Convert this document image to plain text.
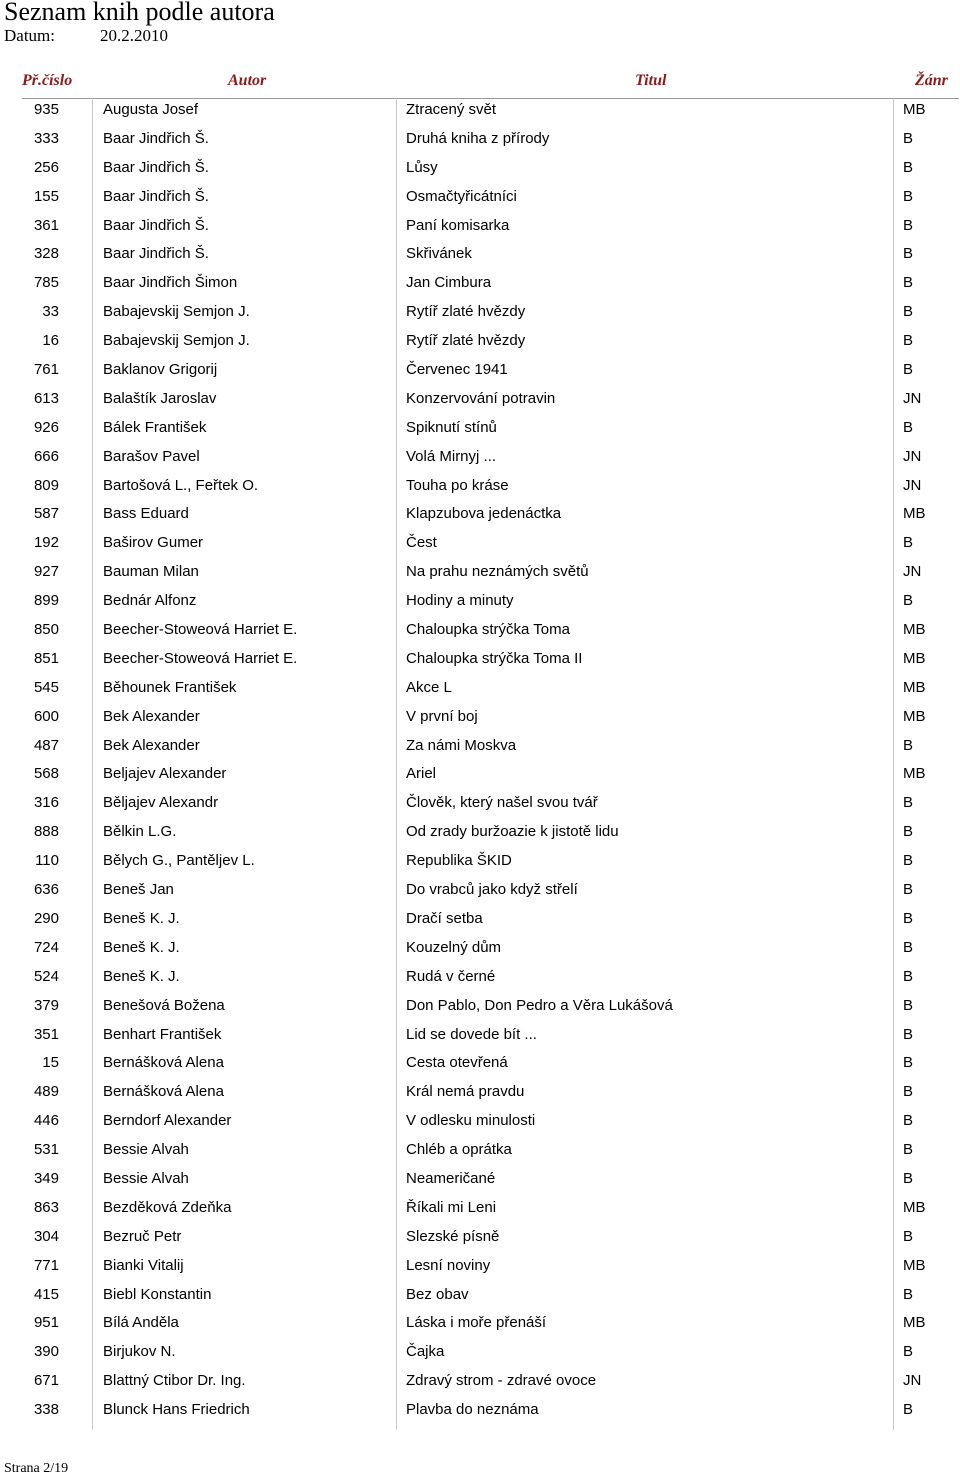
Seznam knih podle autora
Datum:	20.2.2010
Př.číslo	Autor	Titul	Žánr
935	Augusta Josef	Ztracený svět	MB
333	Baar Jindřich Š.	Druhá kniha z přírody	B
256	Baar Jindřich Š.	Lůsy	B
155	Baar Jindřich Š.	Osmačtyřicátníci	B
361	Baar Jindřich Š.	Paní komisarka	B
328	Baar Jindřich Š.	Skřivánek	B
785	Baar Jindřich Šimon	Jan Cimbura	B
33	Babajevskij Semjon J.	Rytíř zlaté hvězdy	B
16	Babajevskij Semjon J.	Rytíř zlaté hvězdy	B
761	Baklanov Grigorij	Červenec 1941	B
613	Balaštík Jaroslav	Konzervování potravin	JN
926	Bálek František	Spiknutí stínů	B
666	Barašov Pavel	Volá Mirnyj ...	JN
809	Bartošová L., Feřtek O.	Touha po kráse	JN
587	Bass Eduard	Klapzubova jedenáctka	MB
192	Baširov Gumer	Čest	B
927	Bauman Milan	Na prahu neznámých světů	JN
899	Bednár Alfonz	Hodiny a minuty	B
850	Beecher-Stoweová Harriet E.	Chaloupka strýčka Toma	MB
851	Beecher-Stoweová Harriet E.	Chaloupka strýčka Toma II	MB
545	Běhounek František	Akce L	MB
600	Bek Alexander	V první boj	MB
487	Bek Alexander	Za námi Moskva	B
568	Beljajev Alexander	Ariel	MB
316	Běljajev Alexandr	Člověk, který našel svou tvář	B
888	Bělkin L.G.	Od zrady buržoazie k jistotě lidu	B
110	Bělych G., Pantělјev L.	Republika ŠKID	B
636	Beneš Jan	Do vrabců jako když střelí	B
290	Beneš K. J.	Dračí setba	B
724	Beneš K. J.	Kouzelný dům	B
524	Beneš K. J.	Rudá v černé	B
379	Benešová Božena	Don Pablo, Don Pedro a Věra Lukášová	B
351	Benhart František	Lid se dovede bít ...	B
15	Bernášková Alena	Cesta otevřená	B
489	Bernášková Alena	Král nemá pravdu	B
446	Berndorf Alexander	V odlesku minulosti	B
531	Bessie Alvah	Chléb a oprátka	B
349	Bessie Alvah	Neameričané	B
863	Bezděková Zdeňka	Říkali mi Leni	MB
304	Bezruč Petr	Slezské písně	B
771	Bianki Vitalij	Lesní noviny	MB
415	Biebl Konstantin	Bez obav	B
951	Bílá Anděla	Láska i moře přenáší	MB
390	Birjukov N.	Čajka	B
671	Blattný Ctibor Dr. Ing.	Zdravý strom - zdravé ovoce	JN
338	Blunck Hans Friedrich	Plavba do neznáma	B
Strana 2/19
